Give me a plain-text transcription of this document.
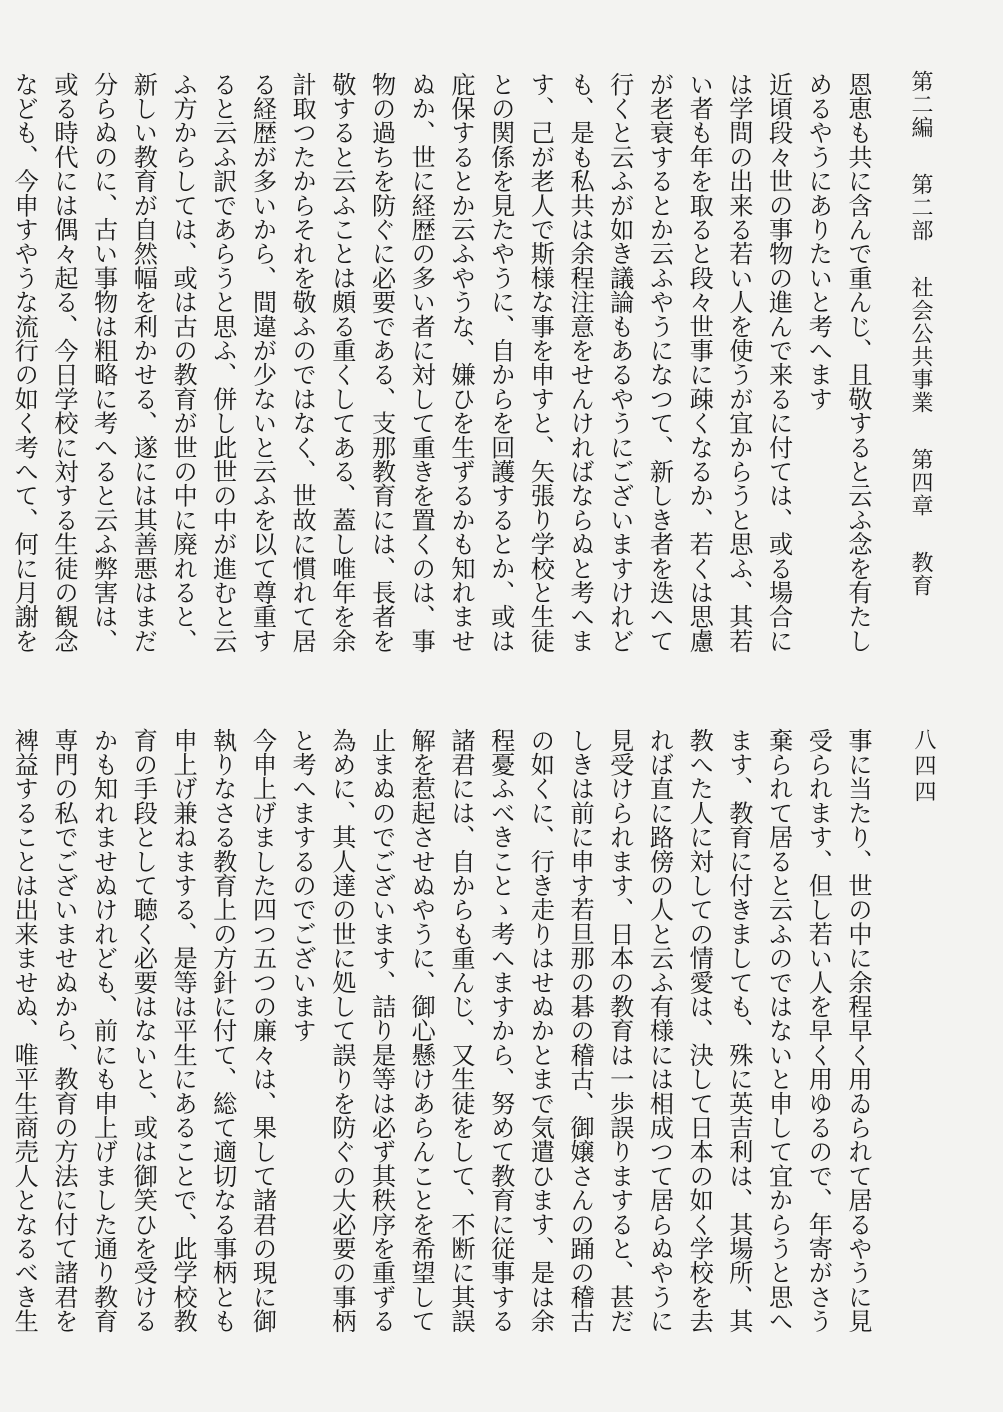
第二編 第二部 社会公共事業 第四章 教育
八四四

恩恵も共に含んで重んじ、且敬すると云ふ念を有たしめるやうにありたいと考へます

近頃段々世の事物の進んで来るに付ては、或る場合には学問の出来る若い人を使うが宜からうと思ふ、其若い者も年を取ると段々世事に疎くなるか、若くは思慮が老衰するとか云ふやうになつて、新しき者を迭へて行くと云ふが如き議論もあるやうにございますけれども、是も私共は余程注意をせんければならぬと考へます、己が老人で斯様な事を申すと、矢張り学校と生徒との関係を見たやうに、自からを回護するとか、或は庇保するとか云ふやうな、嫌ひを生ずるかも知れませぬか、世に経歴の多い者に対して重きを置くのは、事物の過ちを防ぐに必要である、支那教育には、長者を敬すると云ふことは頗る重くしてある、蓋し唯年を余計取つたからそれを敬ふのではなく、世故に慣れて居る経歴が多いから、間違が少ないと云ふを以て尊重すると云ふ訳であらうと思ふ、併し此世の中が進むと云ふ方からしては、或は古の教育が世の中に廃れると、新しい教育が自然幅を利かせる、遂には其善悪はまだ分らぬのに、古い事物は粗略に考へると云ふ弊害は、或る時代には偶々起る、今日学校に対する生徒の観念なども、今申すやうな流行の如く考へて、何に月謝を

事に当たり、世の中に余程早く用ゐられて居るやうに見受られます、但し若い人を早く用ゆるので、年寄がさう棄られて居ると云ふのではないと申して宜からうと思へます、教育に付きましても、殊に英吉利は、其場所、其教へた人に対しての情愛は、決して日本の如く学校を去れば直に路傍の人と云ふ有様には相成つて居らぬやうに見受けられます、日本の教育は一歩誤りますると、甚だしきは前に申す若旦那の碁の稽古、御嬢さんの踊の稽古の如くに、行き走りはせぬかとまで気遣ひます、是は余程憂ふべきことゝ考へますから、努めて教育に従事する諸君には、自からも重んじ、又生徒をして、不断に其誤解を惹起させぬやうに、御心懸けあらんことを希望して止まぬのでございます、詰り是等は必ず其秩序を重ずる為めに、其人達の世に処して誤りを防ぐの大必要の事柄と考へまするのでございます

今申上げました四つ五つの廉々は、果して諸君の現に御執りなさる教育上の方針に付て、総て適切なる事柄とも申上げ兼ねまする、是等は平生にあることで、此学校教育の手段として聴く必要はないと、或は御笑ひを受けるかも知れませぬけれども、前にも申上げました通り教育専門の私でございませぬから、教育の方法に付て諸君を裨益することは出来ませぬ、唯平生商売人となるべき生
